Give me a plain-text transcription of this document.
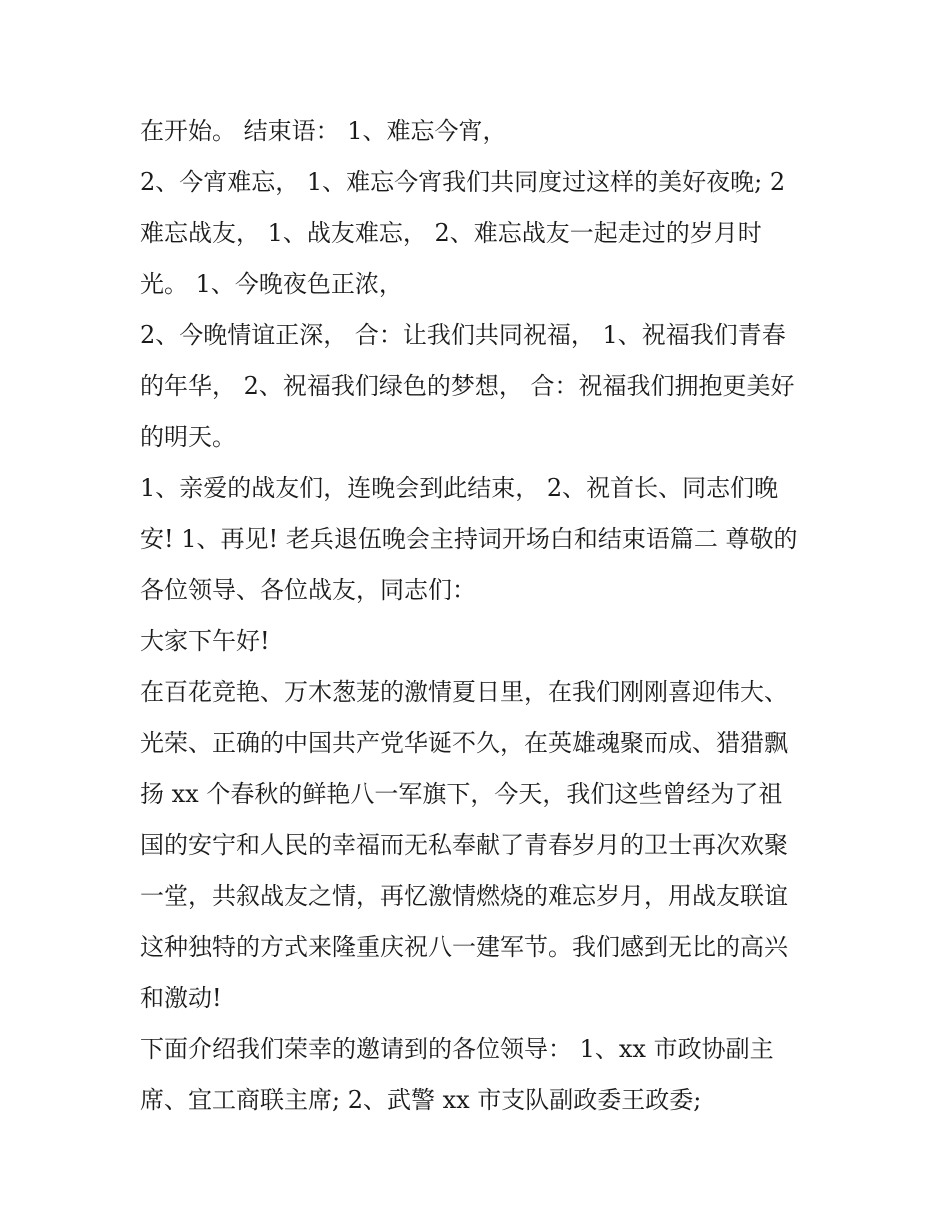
在开始。 结束语： 1、难忘今宵，
2、今宵难忘， 1、难忘今宵我们共同度过这样的美好夜晚; 2
难忘战友， 1、战友难忘， 2、难忘战友一起走过的岁月时
光。 1、今晚夜色正浓，
2、今晚情谊正深， 合：让我们共同祝福， 1、祝福我们青春
的年华， 2、祝福我们绿色的梦想， 合：祝福我们拥抱更美好
的明天。
1、亲爱的战友们，连晚会到此结束， 2、祝首长、同志们晚
安! 1、再见! 老兵退伍晚会主持词开场白和结束语篇二 尊敬的
各位领导、各位战友，同志们：
大家下午好!
在百花竞艳、万木葱茏的激情夏日里，在我们刚刚喜迎伟大、
光荣、正确的中国共产党华诞不久，在英雄魂聚而成、猎猎飘
扬 xx 个春秋的鲜艳八一军旗下，今天，我们这些曾经为了祖
国的安宁和人民的幸福而无私奉献了青春岁月的卫士再次欢聚
一堂，共叙战友之情，再忆激情燃烧的难忘岁月，用战友联谊
这种独特的方式来隆重庆祝八一建军节。我们感到无比的高兴
和激动!
下面介绍我们荣幸的邀请到的各位领导： 1、xx 市政协副主
席、宜工商联主席; 2、武警 xx 市支队副政委王政委;
